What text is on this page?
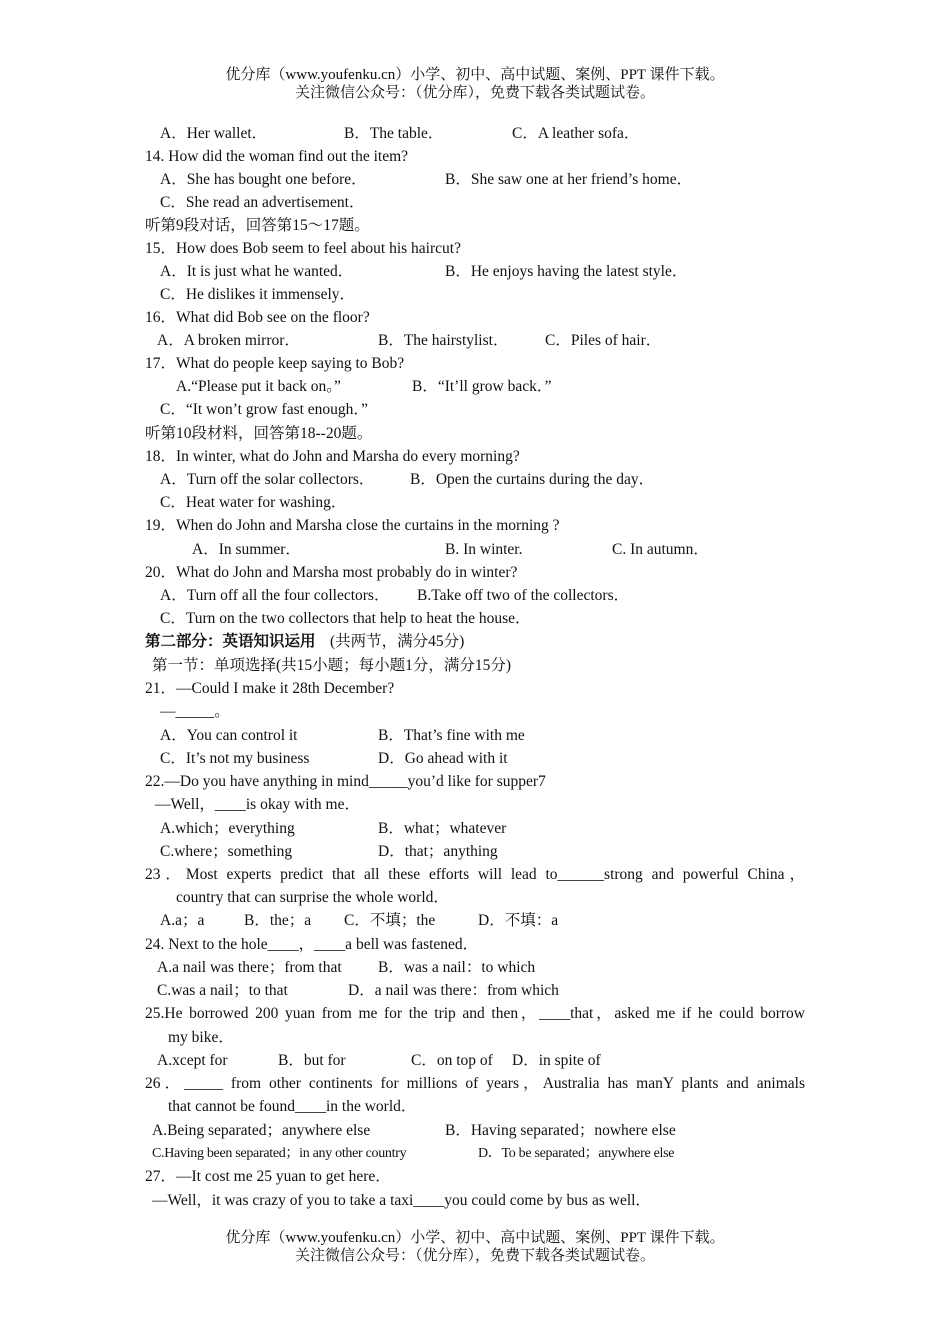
优分库（www.youfenku.cn）小学、初中、高中试题、案例、PPT 课件下载。
关注微信公众号：（优分库），免费下载各类试题试卷。
A．Her wallet．	B．The table．	C．A leather sofa．
14. How did the woman find out the item?
A．She has bought one before．	B．She saw one at her friend’s home．
C．She read an advertisement．
听第9段对话，回答第15～17题。
15．How does Bob seem to feel about his haircut?
A．It is just what he wanted．	B．He enjoys having the latest style．
C．He dislikes it immensely．
16．What did Bob see on the floor?
A．A broken mirror．	B．The hairstylist． C．Piles of hair．
17．What do people keep saying to Bob?
A.“Please put it back on。”	B．“It’ll grow back．”
C．“It won’t grow fast enough．”
听第10段材料，回答第18--20题。
18．In winter, what do John and Marsha do every morning?
A．Turn off the solar collectors． B．Open the curtains during the day．
C．Heat water for washing．
19．When do John and Marsha close the curtains in the morning ?
A．In summer．	B. In winter.	C. In autumn．
20．What do John and Marsha most probably do in winter?
A．Turn off all the four collectors． B.Take off two of the collectors．
C．Turn on the two collectors that help to heat the house．
第二部分：英语知识运用 (共两节，满分45分)
第一节：单项选择(共15小题；每小题1分，满分15分)
21．—Could I make it 28th December?
—_____。
A．You can control it	B．That’s fine with me
C．It’s not my business	D．Go ahead with it
22.—Do you have anything in mind_____you’d like for supper7
—Well，____is okay with me．
A.which；everything	B．what；whatever
C.where；something	D．that；anything
23．Most experts predict that all these efforts will lead to______strong and powerful China，
country that can surprise the whole world．
A.a；a	B．the；a C．不填；the	D．不填：a
24. Next to the hole____，____a bell was fastened．
A.a nail was there；from that B．was a nail：to which
C.was a nail；to that	D．a nail was there：from which
25.He borrowed 200 yuan from me for the trip and then，____that，asked me if he could borrow
my bike．
A.xcept for	B．but for	C．on top of D．in spite of
26．_____ from other continents for millions of years，Australia has manY plants and animals
that cannot be found____in the world．
A.Being separated；anywhere else	B．Having separated；nowhere else
C.Having been separated；in any other country	D．To be separated；anywhere else
27．—It cost me 25 yuan to get here．
—Well，it was crazy of you to take a taxi____you could come by bus as well．
优分库（www.youfenku.cn）小学、初中、高中试题、案例、PPT 课件下载。
关注微信公众号：（优分库），免费下载各类试题试卷。
